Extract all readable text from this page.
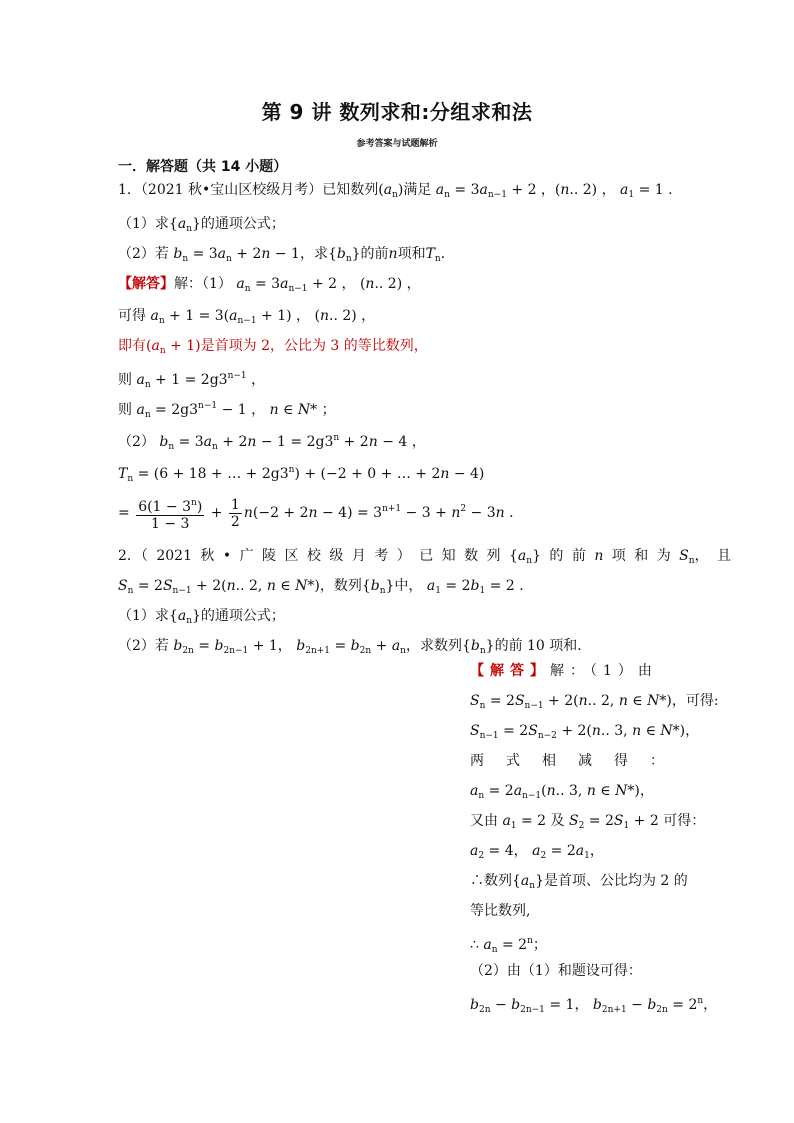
第 9 讲 数列求和:分组求和法
参考答案与试题解析
一．解答题（共 14 小题）
1．（2021 秋•宝山区校级月考）已知数列$(a_n)$满足 $a_n = 3a_{n-1} + 2$ ，(n.. 2) ， $a_1 = 1$ .
（1）求$\{a_n\}$的通项公式；
（2）若 $b_n = 3a_n + 2n - 1$，求$\{b_n\}$的前n项和$T_n$．
【解答】解：（1） $a_n = 3a_{n-1} + 2$ ， (n.. 2) ，
可得 $a_n + 1 = 3(a_{n-1} + 1)$ ， (n.. 2) ，
即有$(a_n + 1)$是首项为 2，公比为 3 的等比数列，
则 $a_n + 1 = 2g3^{n-1}$ ，
则 $a_n = 2g3^{n-1} - 1$ ， n ∈ N* ；
（2） $b_n = 3a_n + 2n - 1 = 2g3^n + 2n - 4$ ，
$T_n = (6 + 18$ + … + $2g3^n) + (-2 + 0$ + … + 2n − 4)
= $\frac{6(1 - 3^n)}{1 - 3} + \frac{1}{2} n(-2 + 2n - 4) = 3^{n+1} - 3 + n^2 - 3n$ .
2．（ 2021 秋 • 广 陵 区 校 级 月 考 ） 已 知 数 列 $\{a_n\}$ 的 前 n 项 和 为 $S_n$， 且
$S_n = 2S_{n-1} + 2(n$.. 2, n ∈ N*)，数列$\{b_n\}$中， $a_1 = 2b_1 = 2$ .
（1）求$\{a_n\}$的通项公式；
（2）若 $b_{2n} = b_{2n-1} + 1$， $b_{2n+1} = b_{2n} + a_n$，求数列$\{b_n\}$的前 10 项和．
【解答】解：（1）由
$S_n = 2S_{n-1} + 2(n$.. 2, n ∈ N*)，可得:
$S_{n-1} = 2S_{n-2} + 2(n$.. 3, n ∈ N*)，
两式相减得：
$a_n = 2a_{n-1}(n$.. 3, n ∈ N*)，
又由 $a_1 = 2$ 及 $S_2 = 2S_1 + 2$ 可得：
$a_2 = 4$， $a_2 = 2a_1$，
∴数列$\{a_n\}$是首项、公比均为 2 的
等比数列,
∴ $a_n = 2^n$；
（2）由（1）和题设可得：
$b_{2n} - b_{2n-1} = 1$， $b_{2n+1} - b_{2n} = 2^n$，
